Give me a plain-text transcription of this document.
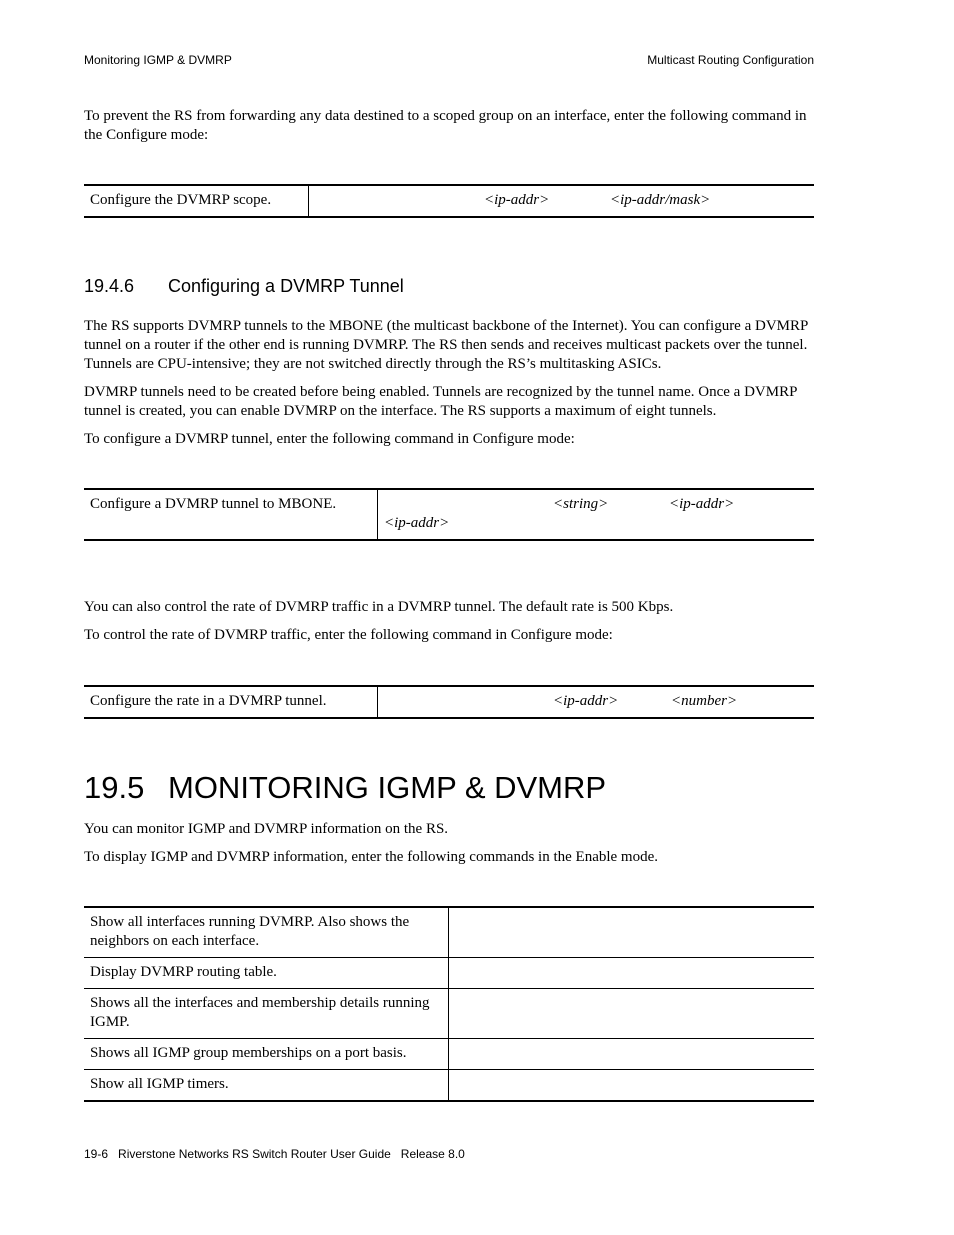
Monitoring IGMP & DVMRP	Multicast Routing Configuration
To prevent the RS from forwarding any data destined to a scoped group on an interface, enter the following command in the Configure mode:
Configure the DVMRP scope.	<ip-addr>	<ip-addr/mask>

19.4.6 Configuring a DVMRP Tunnel
The RS supports DVMRP tunnels to the MBONE (the multicast backbone of the Internet). You can configure a DVMRP tunnel on a router if the other end is running DVMRP. The RS then sends and receives multicast packets over the tunnel. Tunnels are CPU-intensive; they are not switched directly through the RS’s multitasking ASICs.
DVMRP tunnels need to be created before being enabled. Tunnels are recognized by the tunnel name. Once a DVMRP tunnel is created, you can enable DVMRP on the interface. The RS supports a maximum of eight tunnels.
To configure a DVMRP tunnel, enter the following command in Configure mode:
Configure a DVMRP tunnel to MBONE.	<string>	<ip-addr>

<ip-addr>
You can also control the rate of DVMRP traffic in a DVMRP tunnel. The default rate is 500 Kbps.
To control the rate of DVMRP traffic, enter the following command in Configure mode:
Configure the rate in a DVMRP tunnel.	<ip-addr>	<number>

19.5 MONITORING IGMP & DVMRP
You can monitor IGMP and DVMRP information on the RS.
To display IGMP and DVMRP information, enter the following commands in the Enable mode.
Show all interfaces running DVMRP. Also shows the neighbors on each interface.	
Display DVMRP routing table.	
Shows all the interfaces and membership details running IGMP.	
Shows all IGMP group memberships on a port basis.	
Show all IGMP timers.	
19-6 Riverstone Networks RS Switch Router User Guide Release 8.0
